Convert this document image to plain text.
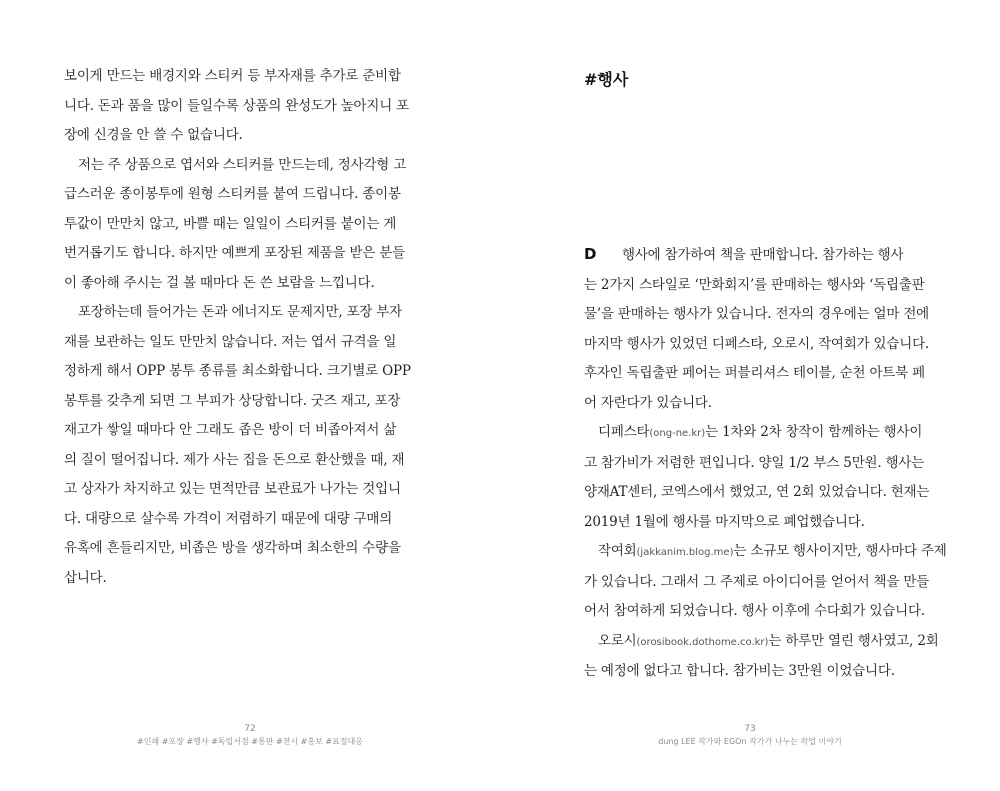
보이게 만드는 배경지와 스티커 등 부자재를 추가로 준비합
니다. 돈과 품을 많이 들일수록 상품의 완성도가 높아지니 포
장에 신경을 안 쓸 수 없습니다.
저는 주 상품으로 엽서와 스티커를 만드는데, 정사각형 고
급스러운 종이봉투에 원형 스티커를 붙여 드립니다. 종이봉
투값이 만만치 않고, 바쁠 때는 일일이 스티커를 붙이는 게
번거롭기도 합니다. 하지만 예쁘게 포장된 제품을 받은 분들
이 좋아해 주시는 걸 볼 때마다 돈 쓴 보람을 느낍니다.
포장하는데 들어가는 돈과 에너지도 문제지만, 포장 부자
재를 보관하는 일도 만만치 않습니다. 저는 엽서 규격을 일
정하게 해서 OPP 봉투 종류를 최소화합니다. 크기별로 OPP
봉투를 갖추게 되면 그 부피가 상당합니다. 굿즈 재고, 포장
재고가 쌓일 때마다 안 그래도 좁은 방이 더 비좁아져서 삶
의 질이 떨어집니다. 제가 사는 집을 돈으로 환산했을 때, 재
고 상자가 차지하고 있는 면적만큼 보관료가 나가는 것입니
다. 대량으로 살수록 가격이 저렴하기 때문에 대량 구매의
유혹에 흔들리지만, 비좁은 방을 생각하며 최소한의 수량을
삽니다.
72
#인쇄 #포장 #행사 #독립서점 #통판 #전시 #홍보 #표절대응
#행사
D 행사에 참가하여 책을 판매합니다. 참가하는 행사
는 2가지 스타일로 ‘만화회지’를 판매하는 행사와 ‘독립출판
물’을 판매하는 행사가 있습니다. 전자의 경우에는 얼마 전에
마지막 행사가 있었던 디페스타, 오로시, 작여회가 있습니다.
후자인 독립출판 페어는 퍼블리셔스 테이블, 순천 아트북 페
어 자란다가 있습니다.
디페스타(ong-ne.kr)는 1차와 2차 창작이 함께하는 행사이
고 참가비가 저렴한 편입니다. 양일 1/2 부스 5만원. 행사는
양재AT센터, 코엑스에서 했었고, 연 2회 있었습니다. 현재는
2019년 1월에 행사를 마지막으로 폐업했습니다.
작여회(jakkanim.blog.me)는 소규모 행사이지만, 행사마다 주제
가 있습니다. 그래서 그 주제로 아이디어를 얻어서 책을 만들
어서 참여하게 되었습니다. 행사 이후에 수다회가 있습니다.
오로시(orosibook.dothome.co.kr)는 하루만 열린 행사였고, 2회
는 예정에 없다고 합니다. 참가비는 3만원 이었습니다.
73
dung LEE 작가와 EGOn 작가가 나누는 작업 이야기
